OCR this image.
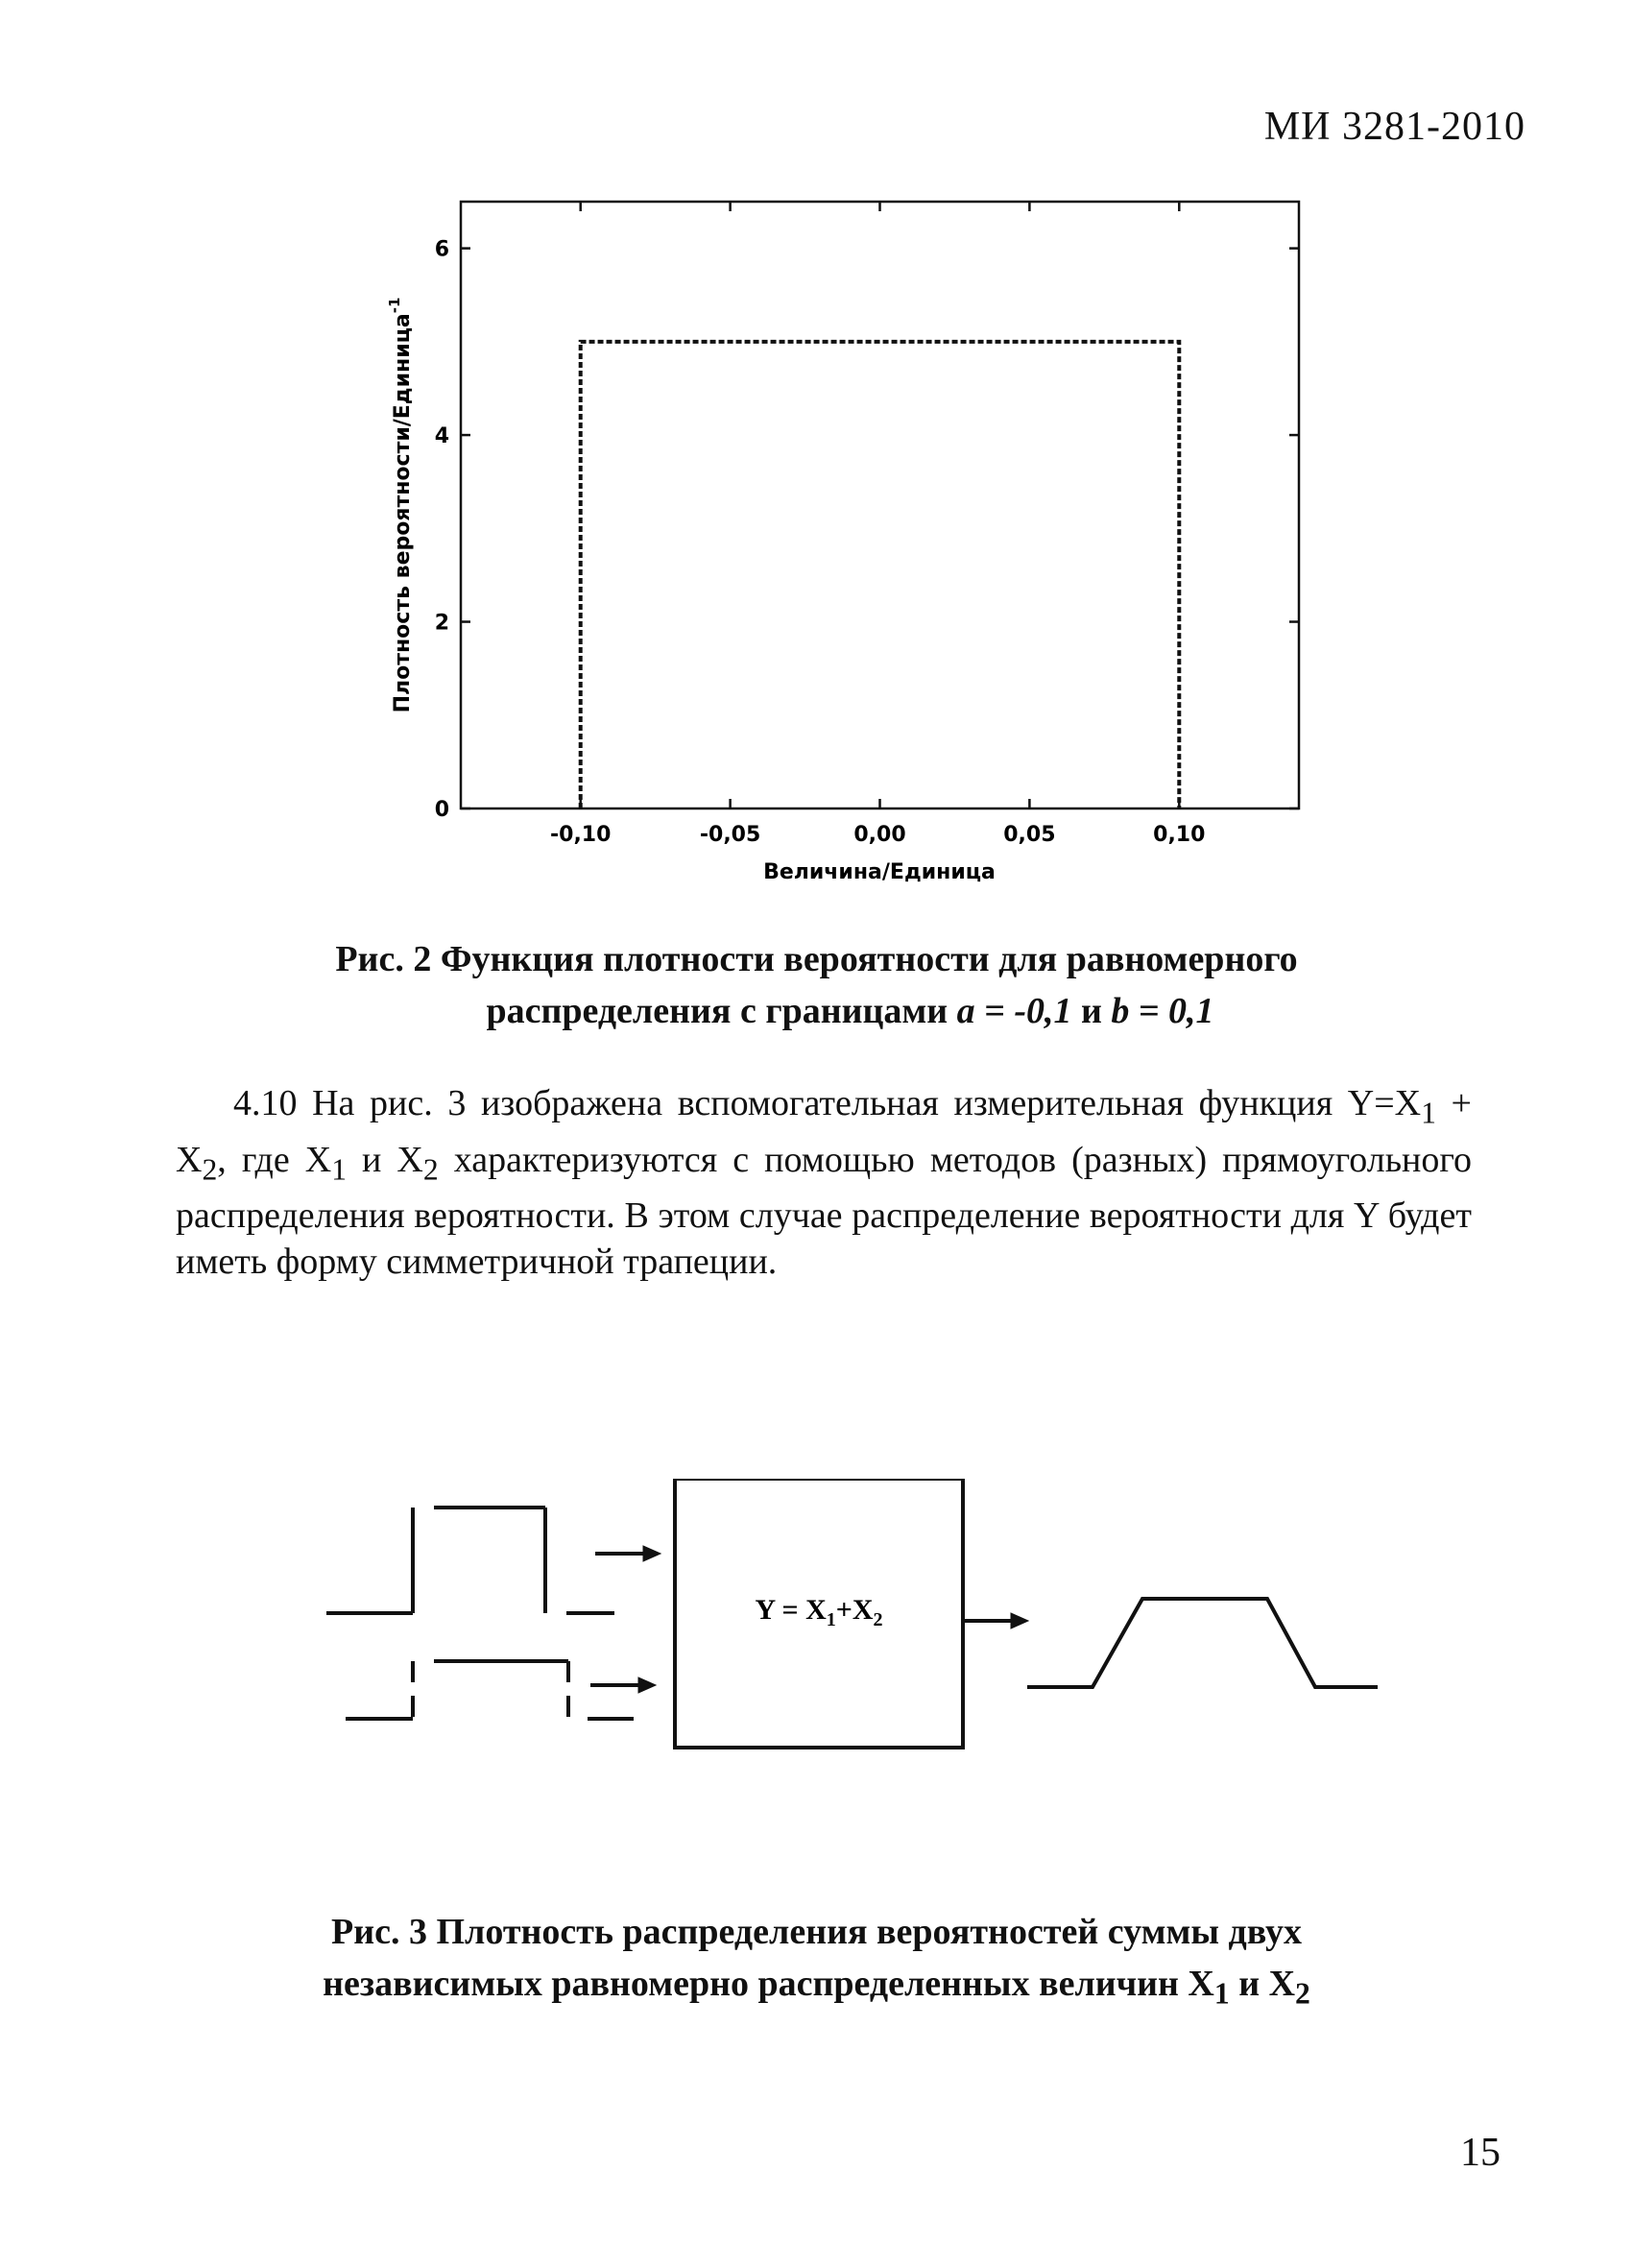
МИ 3281-2010
-0,10	-0,05	0,00	0,05	0,10
0
2
4
6
Величина/Единица
Плотность вероятности/Единица$^{-1}$
Рис. 2 Функция плотности вероятности для равномерного
распределения с границами a = -0,1 и b = 0,1

4.10 На рис. 3 изображена вспомогательная измерительная функция $Y=X_1 + X_2$, где $X_1$ и $X_2$ характеризуются с помощью методов (разных) прямоугольного распределения вероятности. В этом случае распределение вероятности для Y будет иметь форму симметричной трапеции.

$Y = X_1+X_2$
Рис. 3 Плотность распределения вероятностей суммы двух
независимых равномерно распределенных величин $X_1$ и $X_2$
15
